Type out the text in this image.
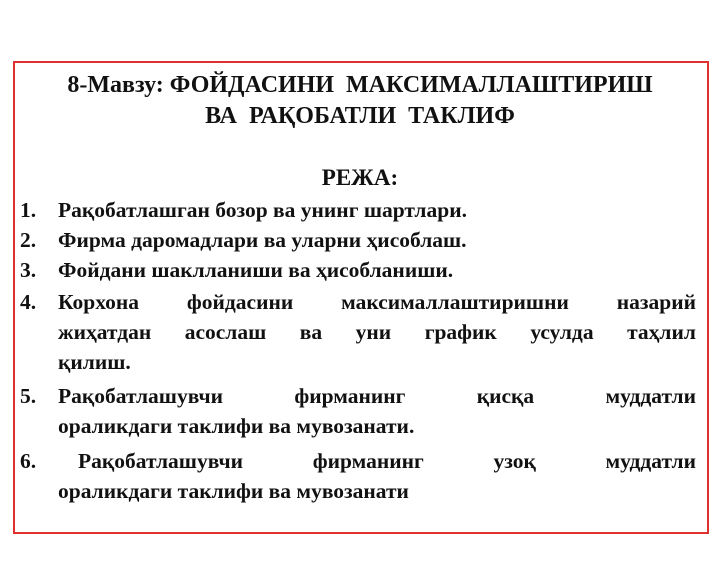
8-Мавзу: ФОЙДАСИНИ  МАКСИМАЛЛАШТИРИШ
ВА  РАҚОБАТЛИ  ТАКЛИФ
РЕЖА:
1.	Рақобатлашган бозор ва унинг шартлари.
2.	Фирма даромадлари ва уларни ҳисоблаш.
3.	Фойдани шаклланиши ва ҳисобланиши.
4.	Корхона фойдасини максималлаштиришни назарий
жиҳатдан асослаш ва уни график усулда таҳлил
қилиш.
5.	Рақобатлашувчи	фирманинг	қисқа	муддатли
ораликдаги таклифи ва мувозанати.
6.	Рақобатлашувчи	фирманинг	узоқ	муддатли
ораликдаги таклифи ва мувозанати
